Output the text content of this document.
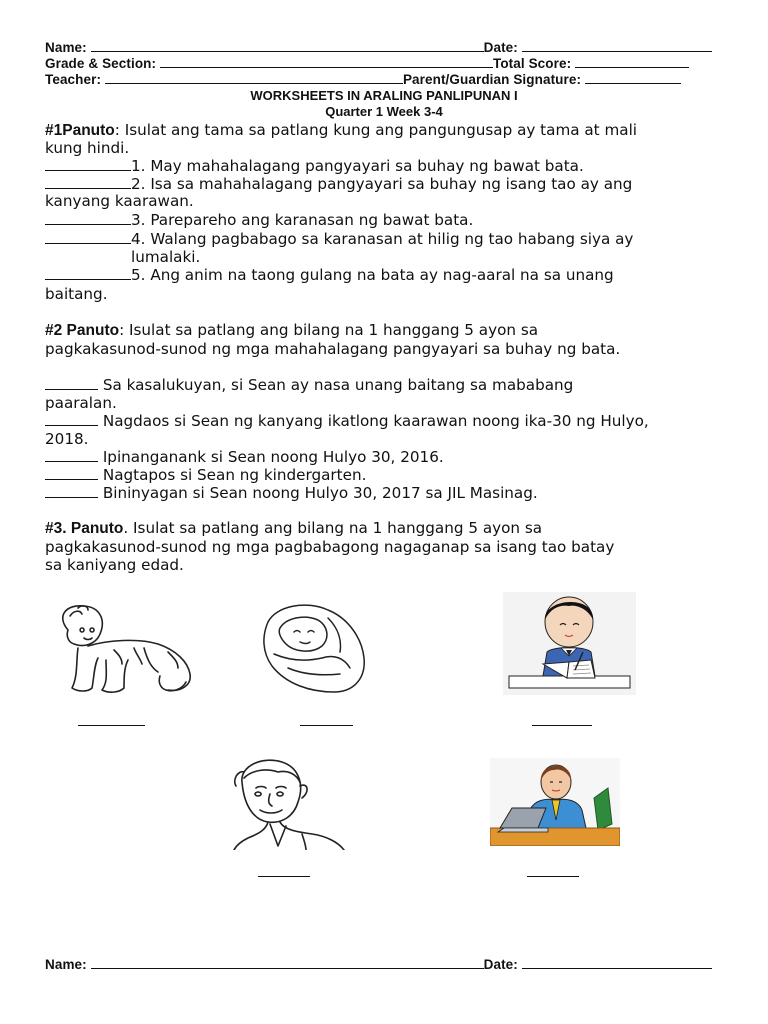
Name:	Date:
Grade & Section:	Total Score:
Teacher:	Parent/Guardian Signature:
WORKSHEETS IN ARALING PANLIPUNAN I
Quarter 1 Week 3-4
#1Panuto: Isulat ang tama sa patlang kung ang pangungusap ay tama at mali
kung hindi.
1. May mahahalagang pangyayari sa buhay ng bawat bata.
2. Isa sa mahahalagang pangyayari sa buhay ng isang tao ay ang
kanyang kaarawan.
3. Parepareho ang karanasan ng bawat bata.
4. Walang pagbabago sa karanasan at hilig ng tao habang siya ay
lumalaki.
5. Ang anim na taong gulang na bata ay nag-aaral na sa unang
baitang.
#2 Panuto: Isulat sa patlang ang bilang na 1 hanggang 5 ayon sa
pagkakasunod-sunod ng mga mahahalagang pangyayari sa buhay ng bata.
Sa kasalukuyan, si Sean ay nasa unang baitang sa mababang
paaralan.
Nagdaos si Sean ng kanyang ikatlong kaarawan noong ika-30 ng Hulyo,
2018.
Ipinanganank si Sean noong Hulyo 30, 2016.
Nagtapos si Sean ng kindergarten.
Bininyagan si Sean noong Hulyo 30, 2017 sa JIL Masinag.
#3. Panuto. Isulat sa patlang ang bilang na 1 hanggang 5 ayon sa
pagkakasunod-sunod ng mga pagbabagong nagaganap sa isang tao batay
sa kaniyang edad.
Name:	Date:
